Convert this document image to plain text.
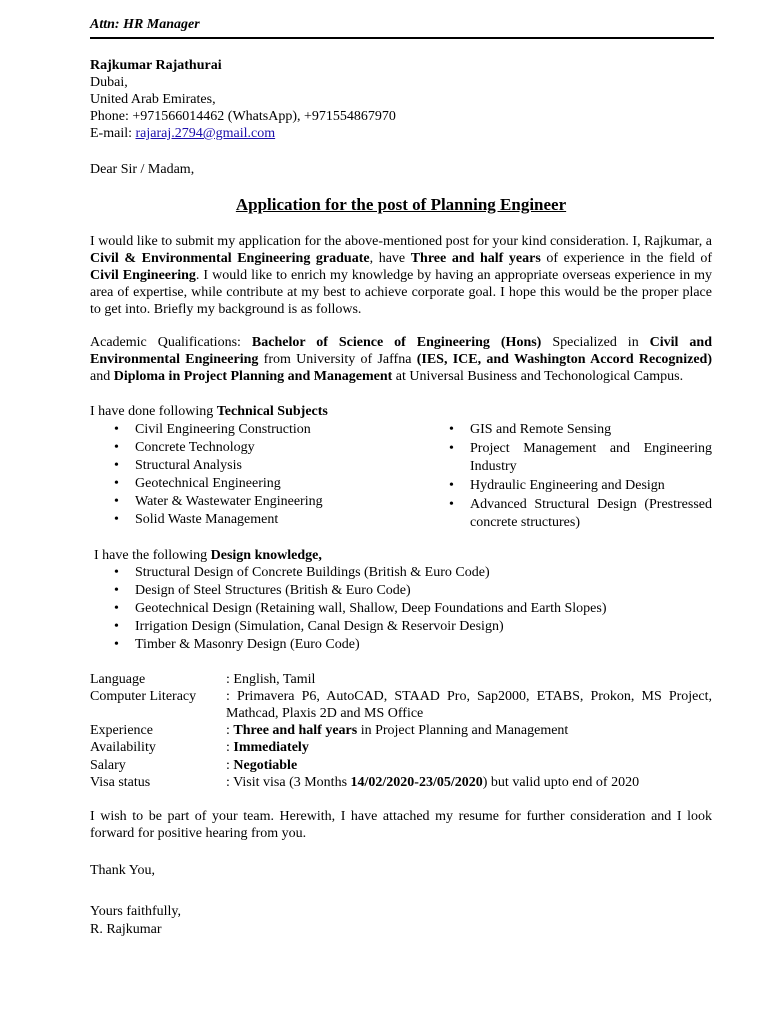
Attn: HR Manager
Rajkumar Rajathurai
Dubai,
United Arab Emirates,
Phone: +971566014462 (WhatsApp), +971554867970
E-mail: rajaraj.2794@gmail.com
Dear Sir / Madam,
Application for the post of Planning Engineer
I would like to submit my application for the above-mentioned post for your kind consideration. I, Rajkumar, a Civil & Environmental Engineering graduate, have Three and half years of experience in the field of Civil Engineering. I would like to enrich my knowledge by having an appropriate overseas experience in my area of expertise, while contribute at my best to achieve corporate goal. I hope this would be the proper place to get into. Briefly my background is as follows.
Academic Qualifications: Bachelor of Science of Engineering (Hons) Specialized in Civil and Environmental Engineering from University of Jaffna (IES, ICE, and Washington Accord Recognized) and Diploma in Project Planning and Management at Universal Business and Techonological Campus.
I have done following Technical Subjects
• Civil Engineering Construction
• Concrete Technology
• Structural Analysis
• Geotechnical Engineering
• Water & Wastewater Engineering
• Solid Waste Management
• GIS and Remote Sensing
• Project Management and Engineering Industry
• Hydraulic Engineering and Design
• Advanced Structural Design (Prestressed concrete structures)
I have the following Design knowledge,
• Structural Design of Concrete Buildings (British & Euro Code)
• Design of Steel Structures (British & Euro Code)
• Geotechnical Design (Retaining wall, Shallow, Deep Foundations and Earth Slopes)
• Irrigation Design (Simulation, Canal Design & Reservoir Design)
• Timber & Masonry Design (Euro Code)
Language	: English, Tamil
Computer Literacy : Primavera P6, AutoCAD, STAAD Pro, Sap2000, ETABS, Prokon, MS Project, Mathcad, Plaxis 2D and MS Office
Experience	: Three and half years in Project Planning and Management
Availability	: Immediately
Salary	: Negotiable
Visa status	: Visit visa (3 Months 14/02/2020-23/05/2020) but valid upto end of 2020
I wish to be part of your team. Herewith, I have attached my resume for further consideration and I look forward for positive hearing from you.
Thank You,
Yours faithfully,
R. Rajkumar
